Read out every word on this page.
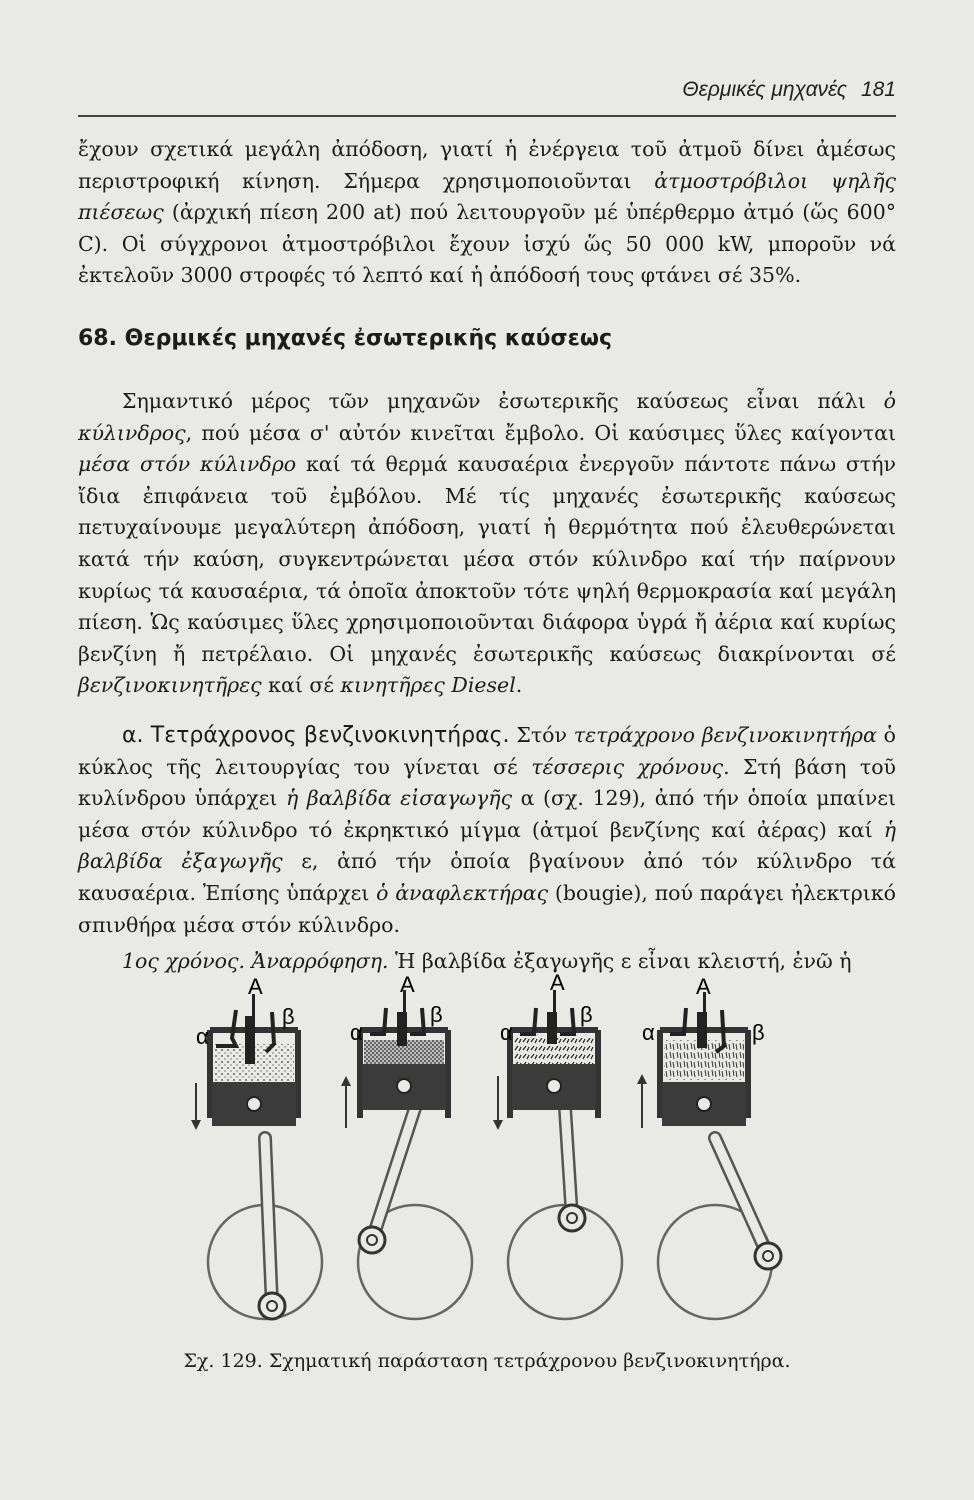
Θερμικές μηχανές 181

ἔχουν σχετικά μεγάλη ἀπόδοση, γιατί ἡ ἐνέργεια τοῦ ἀτμοῦ δίνει ἀμέσως περιστροφική κίνηση. Σήμερα χρησιμοποιοῦνται ἀτμοστρόβιλοι ψηλῆς πιέσεως (ἀρχική πίεση 200 at) πού λειτουργοῦν μέ ὑπέρθερμο ἀτμό (ὥς 600° C). Οἱ σύγχρονοι ἀτμοστρόβιλοι ἔχουν ἰσχύ ὥς 50 000 kW, μποροῦν νά ἐκτελοῦν 3000 στροφές τό λεπτό καί ἡ ἀπόδοσή τους φτάνει σέ 35%.

68. Θερμικές μηχανές ἐσωτερικῆς καύσεως

Σημαντικό μέρος τῶν μηχανῶν ἐσωτερικῆς καύσεως εἶναι πάλι ὁ κύλινδρος, πού μέσα σ' αὐτόν κινεῖται ἔμβολο. Οἱ καύσιμες ὕλες καίγονται μέσα στόν κύλινδρο καί τά θερμά καυσαέρια ἐνεργοῦν πάντοτε πάνω στήν ἴδια ἐπιφάνεια τοῦ ἐμβόλου. Μέ τίς μηχανές ἐσωτερικῆς καύσεως πετυχαίνουμε μεγαλύτερη ἀπόδοση, γιατί ἡ θερμότητα πού ἐλευθερώνεται κατά τήν καύση, συγκεντρώνεται μέσα στόν κύλινδρο καί τήν παίρνουν κυρίως τά καυσαέρια, τά ὁποῖα ἀποκτοῦν τότε ψηλή θερμοκρασία καί μεγάλη πίεση. Ὡς καύσιμες ὕλες χρησιμοποιοῦνται διάφορα ὑγρά ἤ ἀέρια καί κυρίως βενζίνη ἤ πετρέλαιο. Οἱ μηχανές ἐσωτερικῆς καύσεως διακρίνονται σέ βενζινοκινητῆρες καί σέ κινητῆρες Diesel.

α. Τετράχρονος βενζινοκινητήρας. Στόν τετράχρονο βενζινοκινητήρα ὁ κύκλος τῆς λειτουργίας του γίνεται σέ τέσσερις χρόνους. Στή βάση τοῦ κυλίνδρου ὑπάρχει ἡ βαλβίδα εἰσαγωγῆς α (σχ. 129), ἀπό τήν ὁποία μπαίνει μέσα στόν κύλινδρο τό ἐκρηκτικό μίγμα (ἀτμοί βενζίνης καί ἀέρας) καί ἡ βαλβίδα ἐξαγωγῆς ε, ἀπό τήν ὁποία βγαίνουν ἀπό τόν κύλινδρο τά καυσαέρια. Ἐπίσης ὑπάρχει ὁ ἀναφλεκτήρας (bougie), πού παράγει ἠλεκτρικό σπινθήρα μέσα στόν κύλινδρο.

1ος χρόνος. Ἀναρρόφηση. Ἡ βαλβίδα ἐξαγωγῆς ε εἶναι κλειστή, ἐνῶ ἡ

A
α
β
A
α
β
A
α
β
A
α	β

Σχ. 129. Σχηματική παράσταση τετράχρονου βενζινοκινητήρα.
